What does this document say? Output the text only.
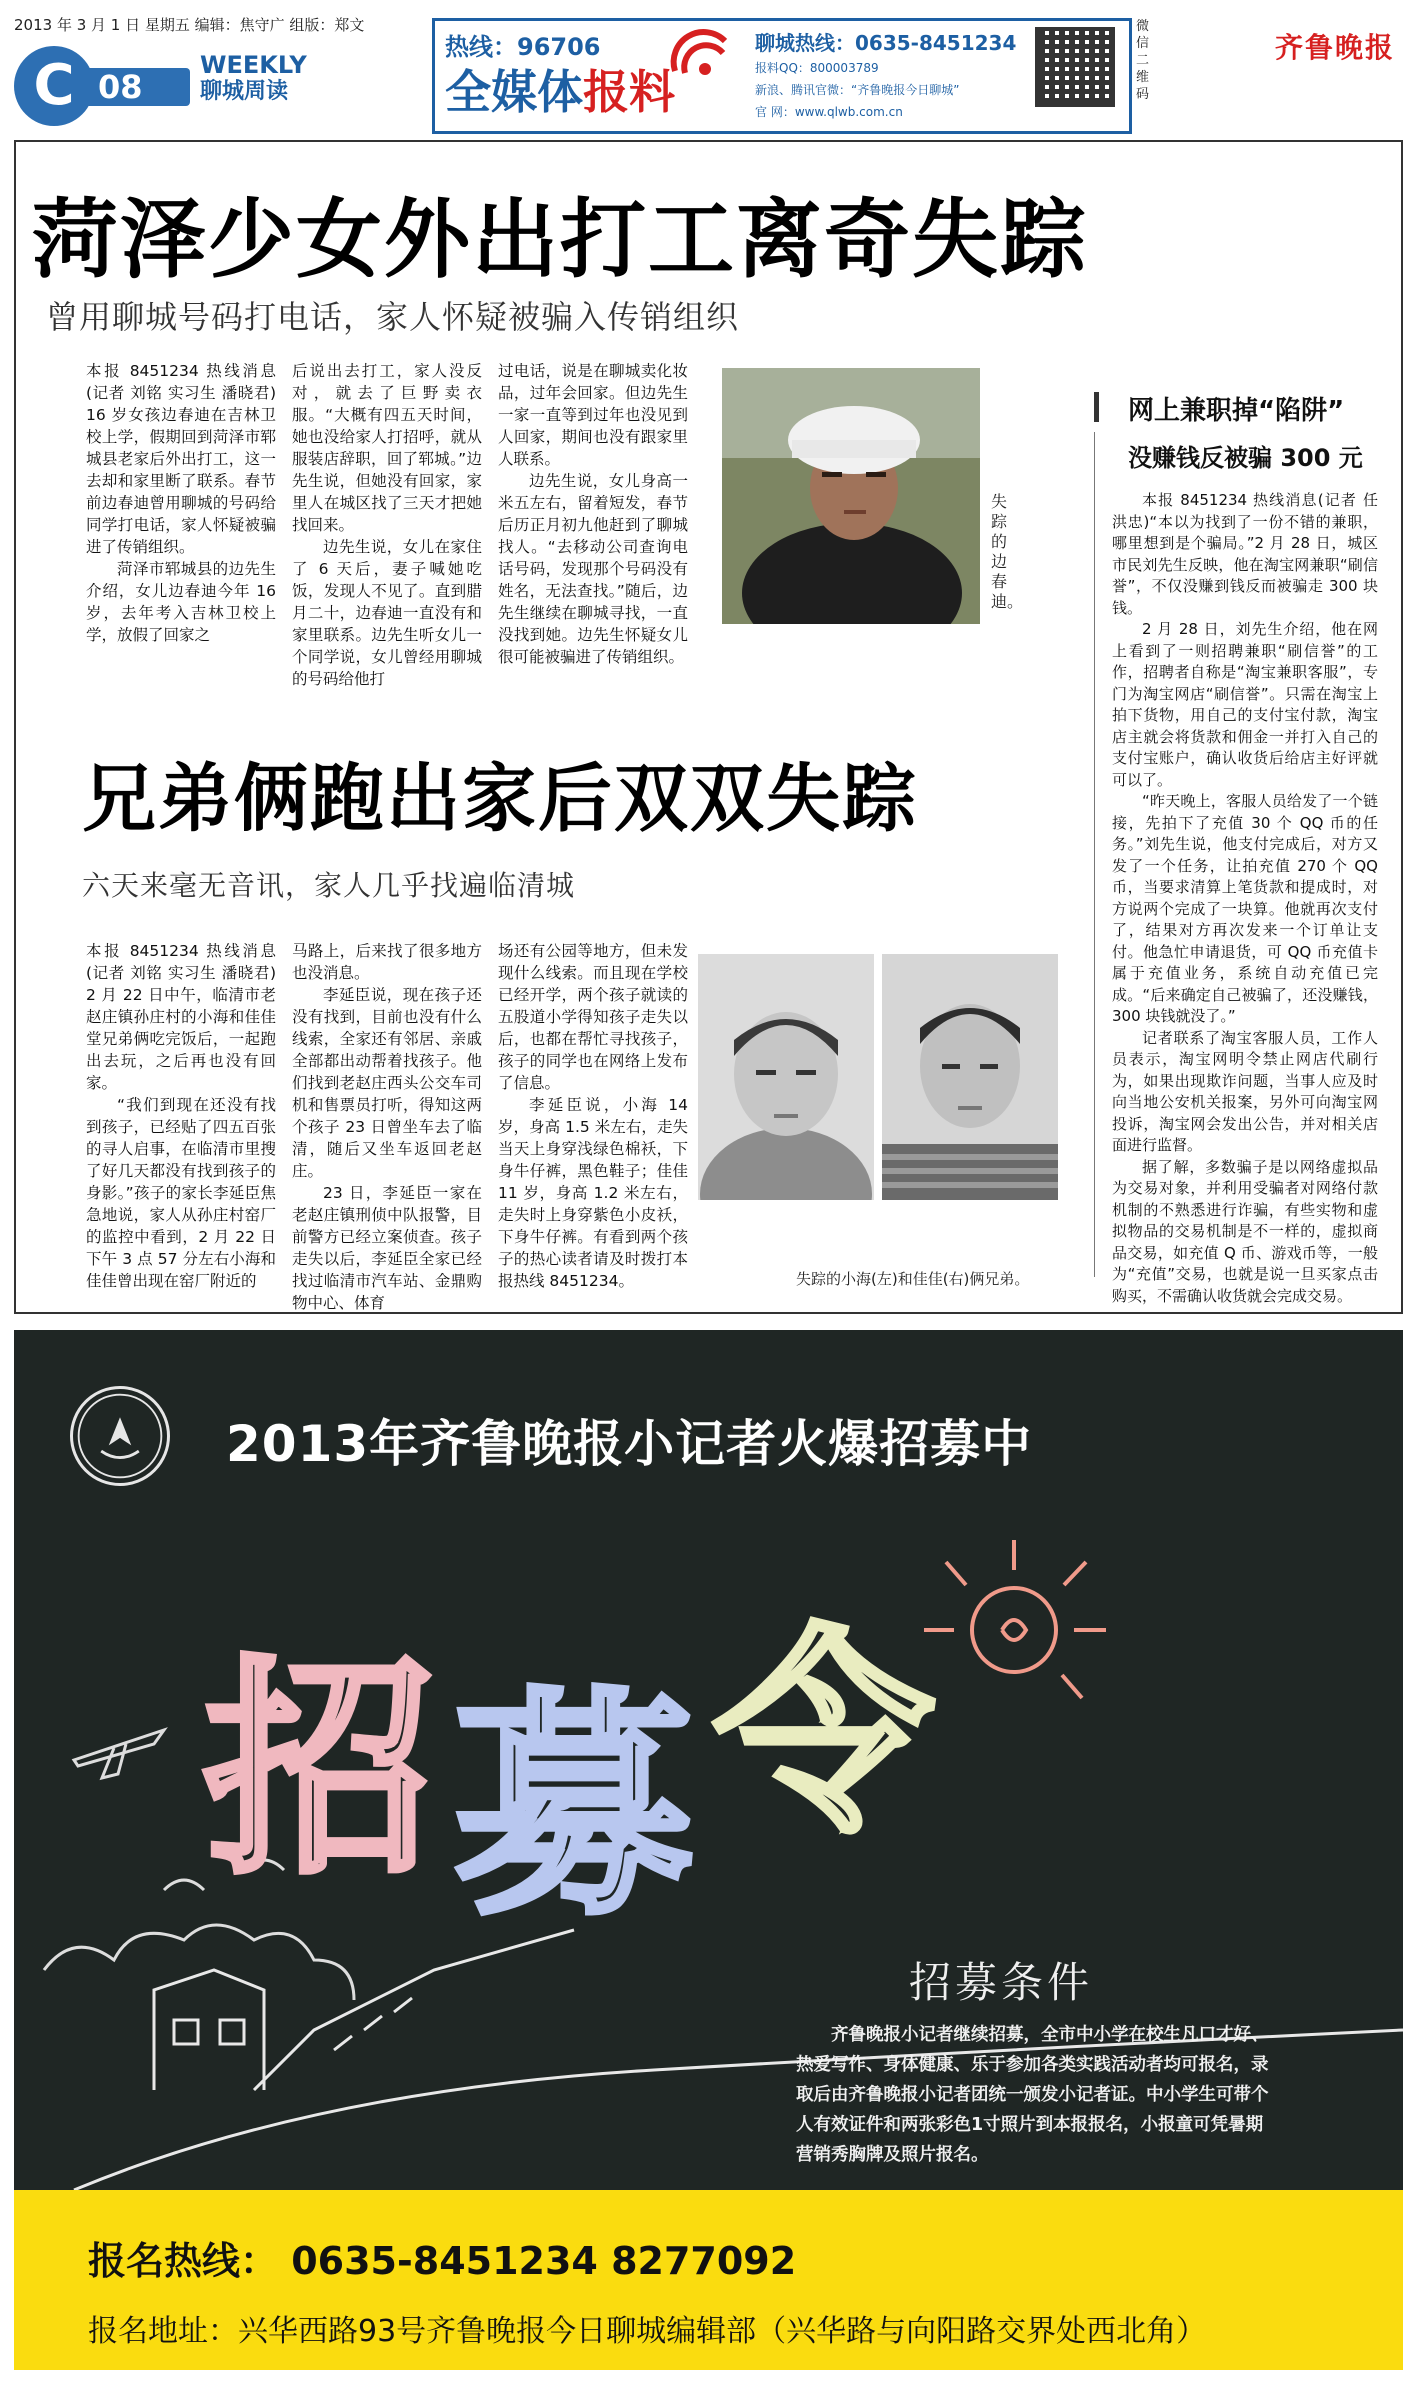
2013 年 3 月 1 日 星期五 编辑：焦守广 组版：郑文
C 08
WEEKLY
聊城周读
热线：96706
全媒体报料
聊城热线：0635-8451234
报料QQ：800003789
新浪、腾讯官微：“齐鲁晚报今日聊城”
官 网：www.qlwb.com.cn
微信二维码
齐鲁晚报
菏泽少女外出打工离奇失踪
曾用聊城号码打电话，家人怀疑被骗入传销组织

本报 8451234 热线消息(记者 刘铭 实习生 潘晓君) 16 岁女孩边春迪在吉林卫校上学，假期回到菏泽市郓城县老家后外出打工，这一去却和家里断了联系。春节前边春迪曾用聊城的号码给同学打电话，家人怀疑被骗进了传销组织。

菏泽市郓城县的边先生介绍，女儿边春迪今年 16 岁，去年考入吉林卫校上学，放假了回家之

后说出去打工，家人没反对，就去了巨野卖衣服。“大概有四五天时间，她也没给家人打招呼，就从服装店辞职，回了郓城。”边先生说，但她没有回家，家里人在城区找了三天才把她找回来。

边先生说，女儿在家住了 6 天后，妻子喊她吃饭，发现人不见了。直到腊月二十，边春迪一直没有和家里联系。边先生听女儿一个同学说，女儿曾经用聊城的号码给他打

过电话，说是在聊城卖化妆品，过年会回家。但边先生一家一直等到过年也没见到人回家，期间也没有跟家里人联系。

边先生说，女儿身高一米五左右，留着短发，春节后历正月初九他赶到了聊城找人。“去移动公司查询电话号码，发现那个号码没有姓名，无法查找。”随后，边先生继续在聊城寻找，一直没找到她。边先生怀疑女儿很可能被骗进了传销组织。

失踪的边春迪。
网上兼职掉“陷阱”
没赚钱反被骗 300 元

本报 8451234 热线消息(记者 任洪忠)“本以为找到了一份不错的兼职，哪里想到是个骗局。”2 月 28 日，城区市民刘先生反映，他在淘宝网兼职“刷信誉”，不仅没赚到钱反而被骗走 300 块钱。

2 月 28 日，刘先生介绍，他在网上看到了一则招聘兼职“刷信誉”的工作，招聘者自称是“淘宝兼职客服”，专门为淘宝网店“刷信誉”。只需在淘宝上拍下货物，用自己的支付宝付款，淘宝店主就会将货款和佣金一并打入自己的支付宝账户，确认收货后给店主好评就可以了。

“昨天晚上，客服人员给发了一个链接，先拍下了充值 30 个 QQ 币的任务。”刘先生说，他支付完成后，对方又发了一个任务，让拍充值 270 个 QQ 币，当要求清算上笔货款和提成时，对方说两个完成了一块算。他就再次支付了，结果对方再次发来一个订单让支付。他急忙申请退货，可 QQ 币充值卡属于充值业务，系统自动充值已完成。“后来确定自己被骗了，还没赚钱，300 块钱就没了。”

记者联系了淘宝客服人员，工作人员表示，淘宝网明令禁止网店代刷行为，如果出现欺诈问题，当事人应及时向当地公安机关报案，另外可向淘宝网投诉，淘宝网会发出公告，并对相关店面进行监督。

据了解，多数骗子是以网络虚拟品为交易对象，并利用受骗者对网络付款机制的不熟悉进行诈骗，有些实物和虚拟物品的交易机制是不一样的，虚拟商品交易，如充值 Q 币、游戏币等，一般为“充值”交易，也就是说一旦买家点击购买，不需确认收货就会完成交易。

兄弟俩跑出家后双双失踪
六天来毫无音讯，家人几乎找遍临清城

本报 8451234 热线消息(记者 刘铭 实习生 潘晓君) 2 月 22 日中午，临清市老赵庄镇孙庄村的小海和佳佳堂兄弟俩吃完饭后，一起跑出去玩，之后再也没有回家。

“我们到现在还没有找到孩子，已经贴了四五百张的寻人启事，在临清市里搜了好几天都没有找到孩子的身影。”孩子的家长李延臣焦急地说，家人从孙庄村窑厂的监控中看到，2 月 22 日下午 3 点 57 分左右小海和佳佳曾出现在窑厂附近的

马路上，后来找了很多地方也没消息。

李延臣说，现在孩子还没有找到，目前也没有什么线索，全家还有邻居、亲戚全部都出动帮着找孩子。他们找到老赵庄西头公交车司机和售票员打听，得知这两个孩子 23 日曾坐车去了临清，随后又坐车返回老赵庄。

23 日，李延臣一家在老赵庄镇刑侦中队报警，目前警方已经立案侦查。孩子走失以后，李延臣全家已经找过临清市汽车站、金鼎购物中心、体育

场还有公园等地方，但未发现什么线索。而且现在学校已经开学，两个孩子就读的五股道小学得知孩子走失以后，也都在帮忙寻找孩子，孩子的同学也在网络上发布了信息。

李延臣说，小海 14 岁，身高 1.5 米左右，走失当天上身穿浅绿色棉袄，下身牛仔裤，黑色鞋子；佳佳 11 岁，身高 1.2 米左右，走失时上身穿紫色小皮袄，下身牛仔裤。有看到两个孩子的热心读者请及时拨打本报热线 8451234。	失踪的小海(左)和佳佳(右)俩兄弟。
2013年齐鲁晚报小记者火爆招募中
招 募 令
招募条件
齐鲁晚报小记者继续招募，全市中小学在校生凡口才好、热爱写作、身体健康、乐于参加各类实践活动者均可报名，录取后由齐鲁晚报小记者团统一颁发小记者证。中小学生可带个人有效证件和两张彩色1寸照片到本报报名，小报童可凭暑期营销秀胸牌及照片报名。
报名热线： 0635-8451234 8277092
报名地址：兴华西路93号齐鲁晚报今日聊城编辑部（兴华路与向阳路交界处西北角）
